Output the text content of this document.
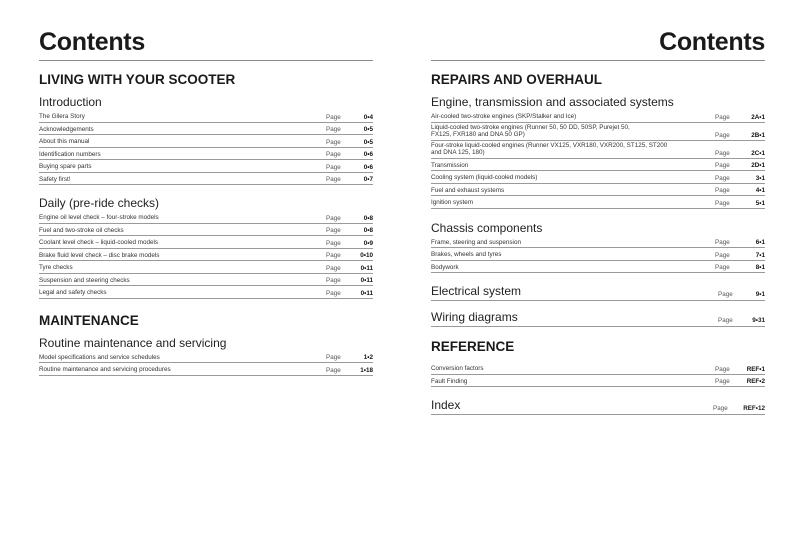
Contents
LIVING WITH YOUR SCOOTER
Introduction
The Gilera Story	Page	0•4
Acknowledgements	Page	0•5
About this manual	Page	0•5
Identification numbers	Page	0•6
Buying spare parts	Page	0•6
Safety first!	Page	0•7
Daily (pre-ride checks)
Engine oil level check – four-stroke models	Page	0•8
Fuel and two-stroke oil checks	Page	0•8
Coolant level check – liquid-cooled models	Page	0•9
Brake fluid level check – disc brake models	Page	0•10
Tyre checks	Page	0•11
Suspension and steering checks	Page	0•11
Legal and safety checks	Page	0•11
MAINTENANCE
Routine maintenance and servicing
Model specifications and service schedules	Page	1•2
Routine maintenance and servicing procedures	Page	1•18
Contents
REPAIRS AND OVERHAUL
Engine, transmission and associated systems
Air-cooled two-stroke engines (SKP/Stalker and Ice)	Page	2A•1
Liquid-cooled two-stroke engines (Runner 50, 50 DD, 50SP, Purejet 50,
FX125, FXR180 and DNA 50 GP)	Page	2B•1
Four-stroke liquid-cooled engines (Runner VX125, VXR180, VXR200, ST125, ST200
and DNA 125, 180)	Page	2C•1
Transmission	Page	2D•1
Cooling system (liquid-cooled models)	Page	3•1
Fuel and exhaust systems	Page	4•1
Ignition system	Page	5•1
Chassis components
Frame, steering and suspension	Page	6•1
Brakes, wheels and tyres	Page	7•1
Bodywork	Page	8•1
Electrical system	Page	9•1
Wiring diagrams	Page	9•31
REFERENCE
Conversion factors	Page	REF•1
Fault Finding	Page	REF•2
Index	Page	REF•12
